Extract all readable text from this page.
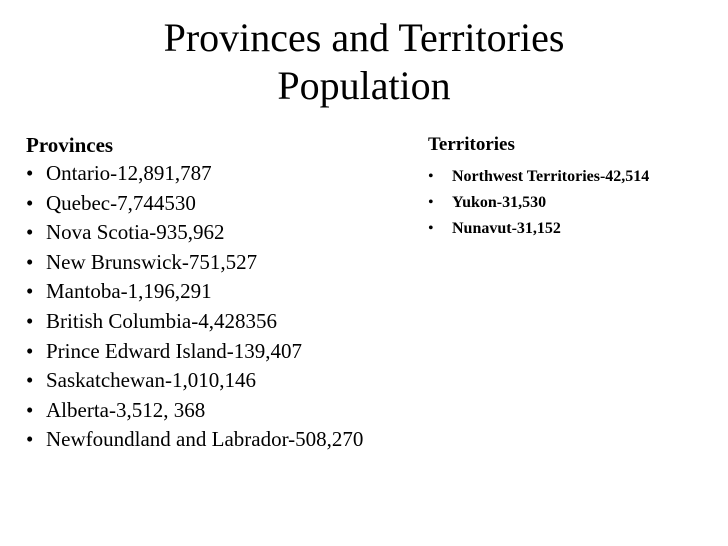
Provinces and Territories
Population
Provinces
• Ontario-12,891,787
• Quebec-7,744530
• Nova Scotia-935,962
• New Brunswick-751,527
• Mantoba-1,196,291
• British Columbia-4,428356
• Prince Edward Island-139,407
• Saskatchewan-1,010,146
• Alberta-3,512, 368
• Newfoundland and Labrador-508,270
Territories
• Northwest Territories-42,514
• Yukon-31,530
• Nunavut-31,152
